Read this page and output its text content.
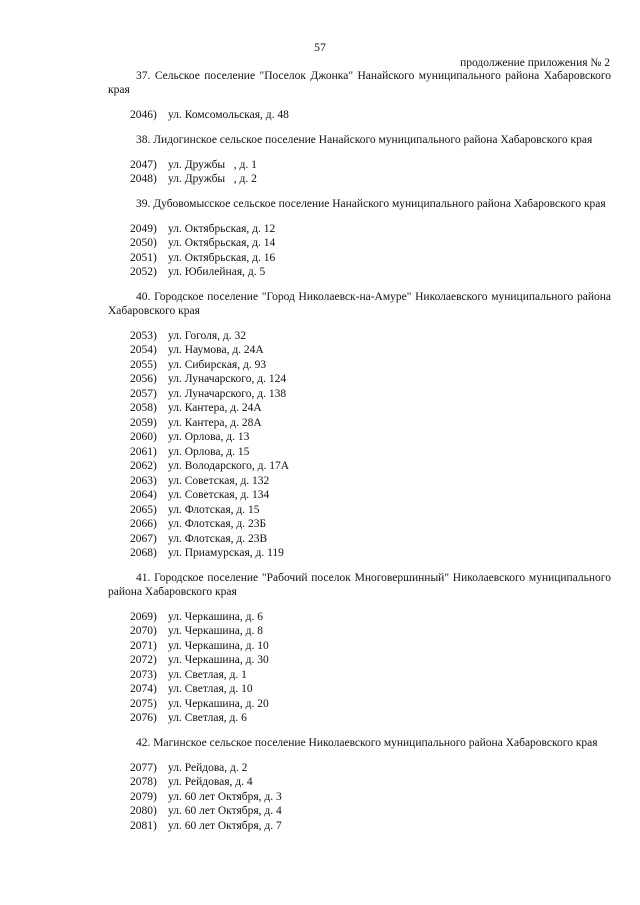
57
продолжение приложения № 2
37. Сельское поселение "Поселок Джонка" Нанайского муниципального района Хабаровского края
2046) ул. Комсомольская, д. 48
38. Лидогинское сельское поселение Нанайского муниципального района Хабаровского края
2047) ул. Дружбы   , д. 1
2048) ул. Дружбы   , д. 2
39. Дубовомысское сельское поселение Нанайского муниципального района Хабаровского края
2049) ул. Октябрьская, д. 12
2050) ул. Октябрьская, д. 14
2051) ул. Октябрьская, д. 16
2052) ул. Юбилейная, д. 5
40. Городское поселение "Город Николаевск-на-Амуре" Николаевского муниципального района Хабаровского края
2053) ул. Гоголя, д. 32
2054) ул. Наумова, д. 24А
2055) ул. Сибирская, д. 93
2056) ул. Луначарского, д. 124
2057) ул. Луначарского, д. 138
2058) ул. Кантера, д. 24А
2059) ул. Кантера, д. 28А
2060) ул. Орлова, д. 13
2061) ул. Орлова, д. 15
2062) ул. Володарского, д. 17А
2063) ул. Советская, д. 132
2064) ул. Советская, д. 134
2065) ул. Флотская, д. 15
2066) ул. Флотская, д. 23Б
2067) ул. Флотская, д. 23В
2068) ул. Приамурская, д. 119
41. Городское поселение "Рабочий поселок Многовершинный" Николаевского муниципального района Хабаровского края
2069) ул. Черкашина, д. 6
2070) ул. Черкашина, д. 8
2071) ул. Черкашина, д. 10
2072) ул. Черкашина, д. 30
2073) ул. Светлая, д. 1
2074) ул. Светлая, д. 10
2075) ул. Черкашина, д. 20
2076) ул. Светлая, д. 6
42. Магинское сельское поселение Николаевского муниципального района Хабаровского края
2077) ул. Рейдова, д. 2
2078) ул. Рейдовая, д. 4
2079) ул. 60 лет Октября, д. 3
2080) ул. 60 лет Октября, д. 4
2081) ул. 60 лет Октября, д. 7
